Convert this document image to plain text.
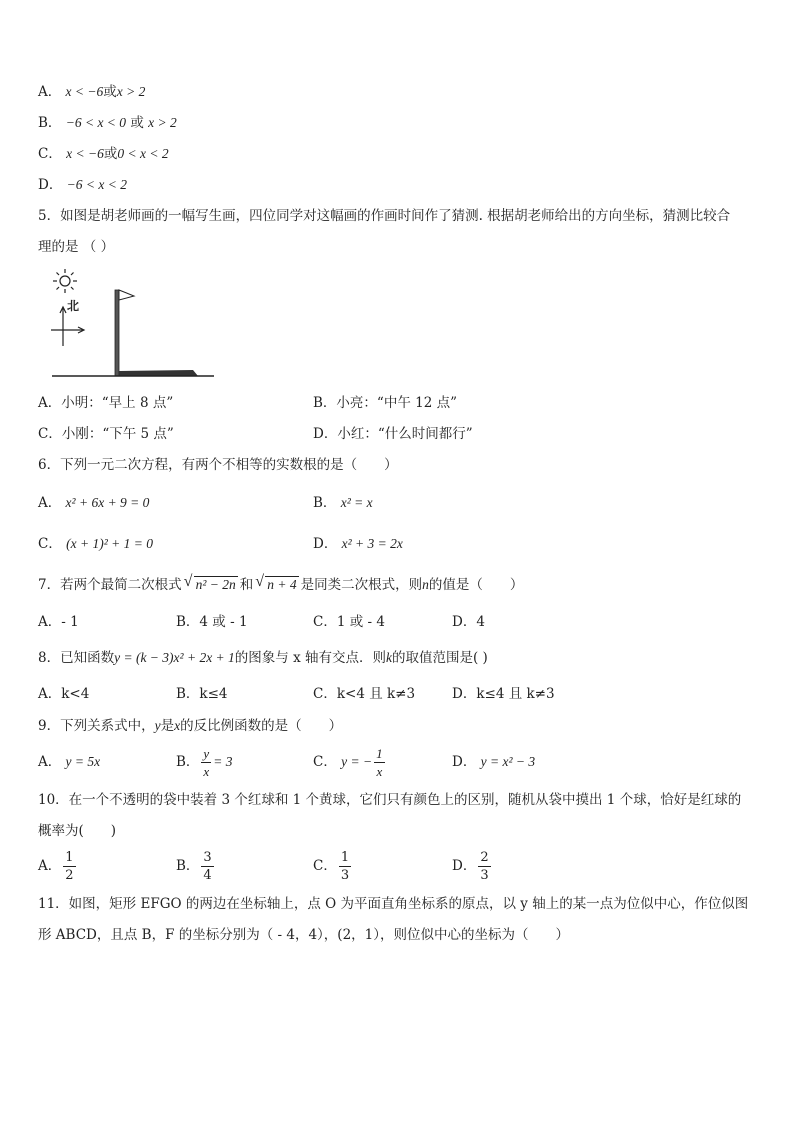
A． x < −6或x > 2
B． −6 < x < 0 或 x > 2
C． x < −6或0 < x < 2
D． −6 < x < 2
5．如图是胡老师画的一幅写生画，四位同学对这幅画的作画时间作了猜测. 根据胡老师给出的方向坐标，猜测比较合
理的是 （ ）
北
A．小明：“早上 8 点”	B．小亮：“中午 12 点”
C．小刚：“下午 5 点”	D．小红：“什么时间都行”
6．下列一元二次方程，有两个不相等的实数根的是（　　）
A． x² + 6x + 9 = 0	B． x² = x
C． (x + 1)² + 1 = 0	D． x² + 3 = 2x
7．若两个最简二次根式 √ n² − 2n 和 √ n + 4 是同类二次根式，则n的值是（　　）
A．- 1	B．4 或 - 1	C．1 或 - 4	D．4
8．已知函数y = (k − 3)x² + 2x + 1的图象与 x 轴有交点．则k的取值范围是( )
A．k<4	B．k≤4	C．k<4 且 k≠3	D．k≤4 且 k≠3
9．下列关系式中，y是x的反比例函数的是（　　）
A． y = 5x	B． $\frac{y}{x} = 3$	C． y = − $\frac{1}{x}$	D． y = x² − 3
10．在一个不透明的袋中装着 3 个红球和 1 个黄球，它们只有颜色上的区别，随机从袋中摸出 1 个球，恰好是红球的
概率为(　　)
A． $\frac{1}{2}$	B． $\frac{3}{4}$	C． $\frac{1}{3}$	D． $\frac{2}{3}$
11．如图，矩形 EFGO 的两边在坐标轴上，点 O 为平面直角坐标系的原点，以 y 轴上的某一点为位似中心，作位似图
形 ABCD，且点 B，F 的坐标分别为（ - 4，4），(2，1），则位似中心的坐标为（　　）
